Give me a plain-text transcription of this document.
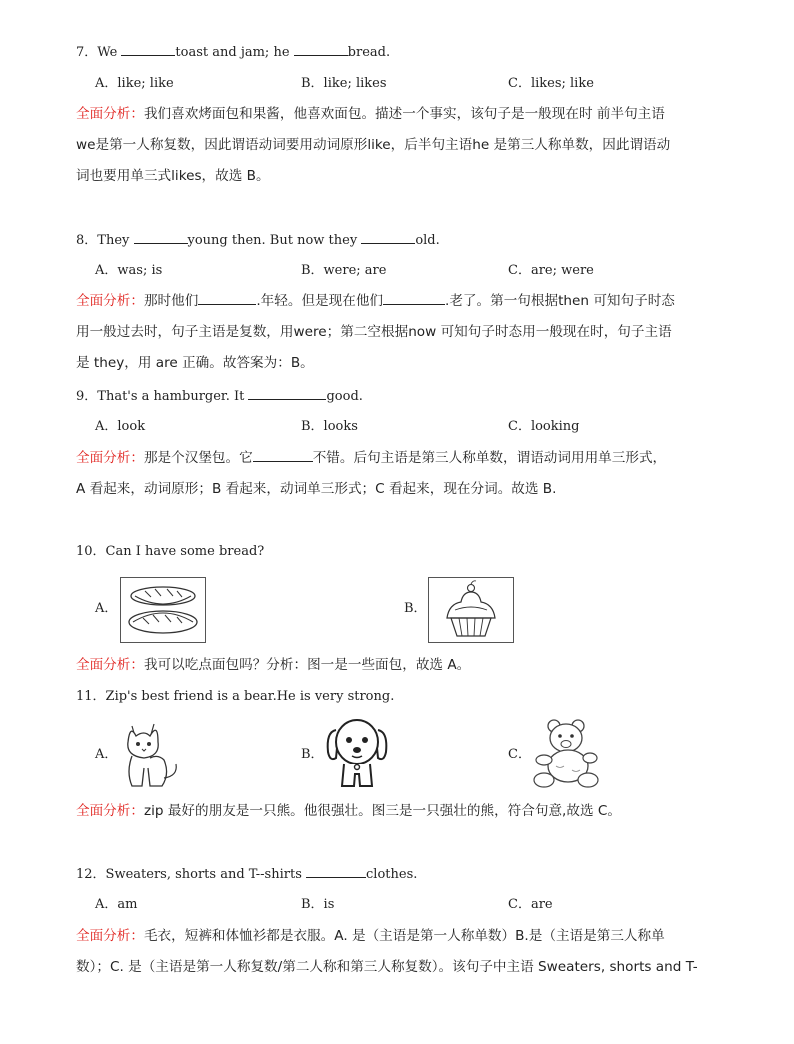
7．We	toast and jam; he	bread.
A．like; like	B．like; likes	C．likes; like
全面分析：我们喜欢烤面包和果酱，他喜欢面包。描述一个事实，该句子是一般现在时 前半句主语
we是第一人称复数，因此谓语动词要用动词原形like，后半句主语he 是第三人称单数，因此谓语动
词也要用单三式likes，故选 B。
8．They	young then. But now they	old.
A．was; is	B．were; are	C．are; were
全面分析：那时他们	.年轻。但是现在他们	.老了。第一句根据then 可知句子时态
用一般过去时，句子主语是复数，用were；第二空根据now 可知句子时态用一般现在时，句子主语
是 they，用 are 正确。故答案为：B。
9．That's a hamburger. It	good.
A．look	B．looks	C．looking
全面分析：那是个汉堡包。它	不错。后句主语是第三人称单数，谓语动词用用单三形式，
A 看起来，动词原形；B 看起来，动词单三形式；C 看起来，现在分词。故选 B.
10．Can I have some bread?
A．	B．
全面分析：我可以吃点面包吗？分析：图一是一些面包，故选 A。
11．Zip's best friend is a bear.He is very strong.
A．	B．	C．
全面分析：zip 最好的朋友是一只熊。他很强壮。图三是一只强壮的熊，符合句意,故选 C。
12．Sweaters, shorts and T--shirts	clothes.
A．am	B．is	C．are
全面分析：毛衣，短裤和体恤衫都是衣服。A. 是（主语是第一人称单数）B.是（主语是第三人称单
数）；C. 是（主语是第一人称复数/第二人称和第三人称复数）。该句子中主语 Sweaters, shorts and T-
